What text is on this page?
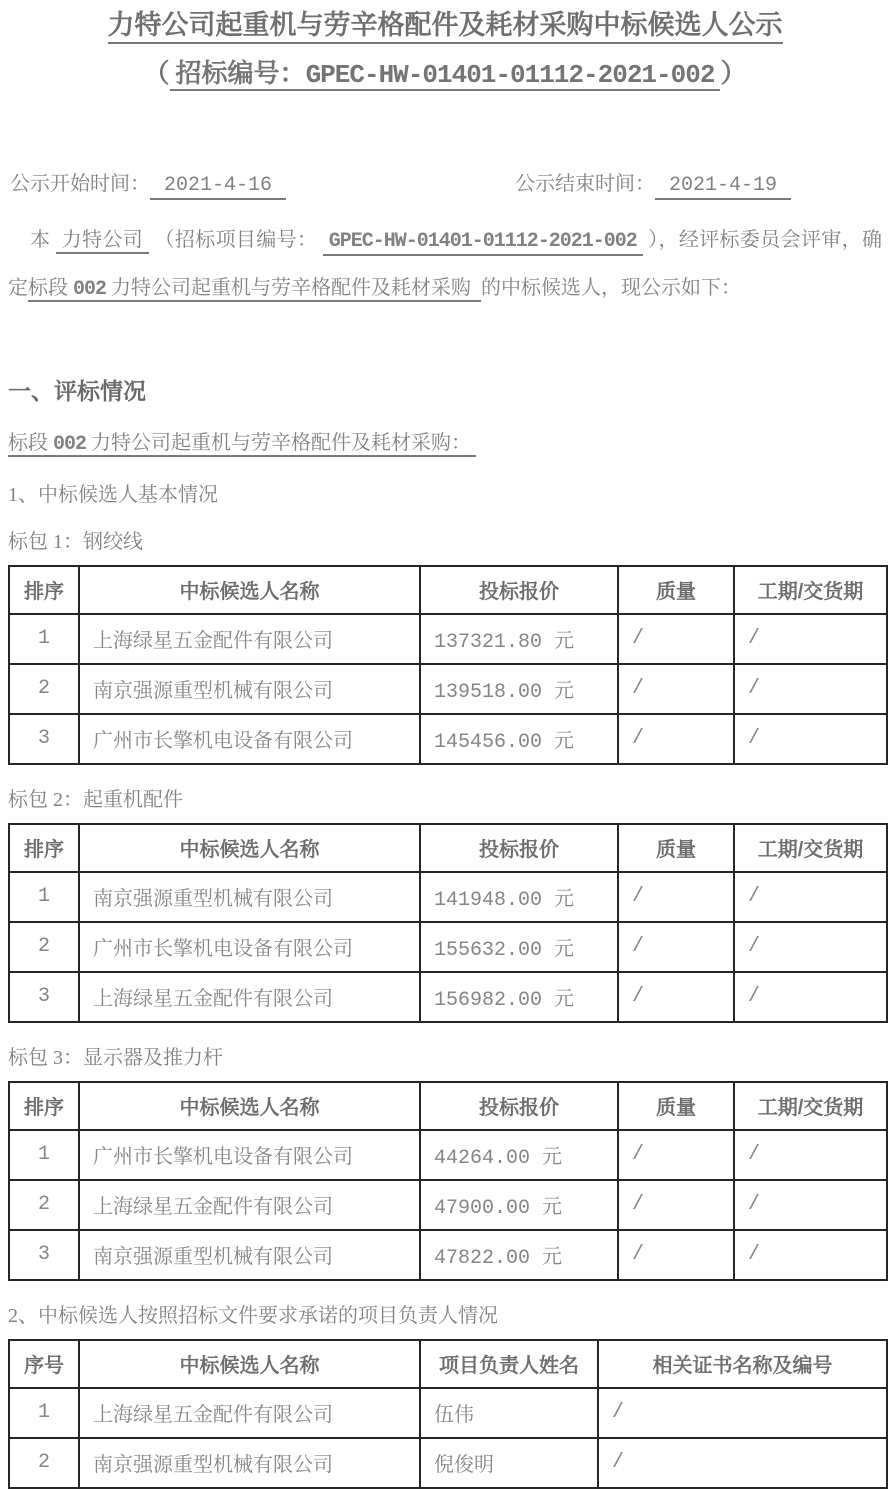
力特公司起重机与劳辛格配件及耗材采购中标候选人公示
（ 招标编号：GPEC-HW-01401-01112-2021-002 ）
公示开始时间： 2021-4-16	公示结束时间： 2021-4-19

本 力特公司 （招标项目编号： GPEC-HW-01401-01112-2021-002 ），经评标委员会评审，确定标段 002 力特公司起重机与劳辛格配件及耗材采购 的中标候选人，现公示如下：

一、评标情况
标段 002 力特公司起重机与劳辛格配件及耗材采购：
1、中标候选人基本情况
标包 1：钢绞线
排序	中标候选人名称	投标报价	质量	工期/交货期
1	上海绿星五金配件有限公司	137321.80 元	/	/
2	南京强源重型机械有限公司	139518.00 元	/	/
3	广州市长擎机电设备有限公司	145456.00 元	/	/
标包 2：起重机配件
排序	中标候选人名称	投标报价	质量	工期/交货期
1	南京强源重型机械有限公司	141948.00 元	/	/
2	广州市长擎机电设备有限公司	155632.00 元	/	/
3	上海绿星五金配件有限公司	156982.00 元	/	/
标包 3：显示器及推力杆
排序	中标候选人名称	投标报价	质量	工期/交货期
1	广州市长擎机电设备有限公司	44264.00 元	/	/
2	上海绿星五金配件有限公司	47900.00 元	/	/
3	南京强源重型机械有限公司	47822.00 元	/	/
2、中标候选人按照招标文件要求承诺的项目负责人情况
序号	中标候选人名称	项目负责人姓名	相关证书名称及编号
1	上海绿星五金配件有限公司	伍伟	/
2	南京强源重型机械有限公司	倪俊明	/
